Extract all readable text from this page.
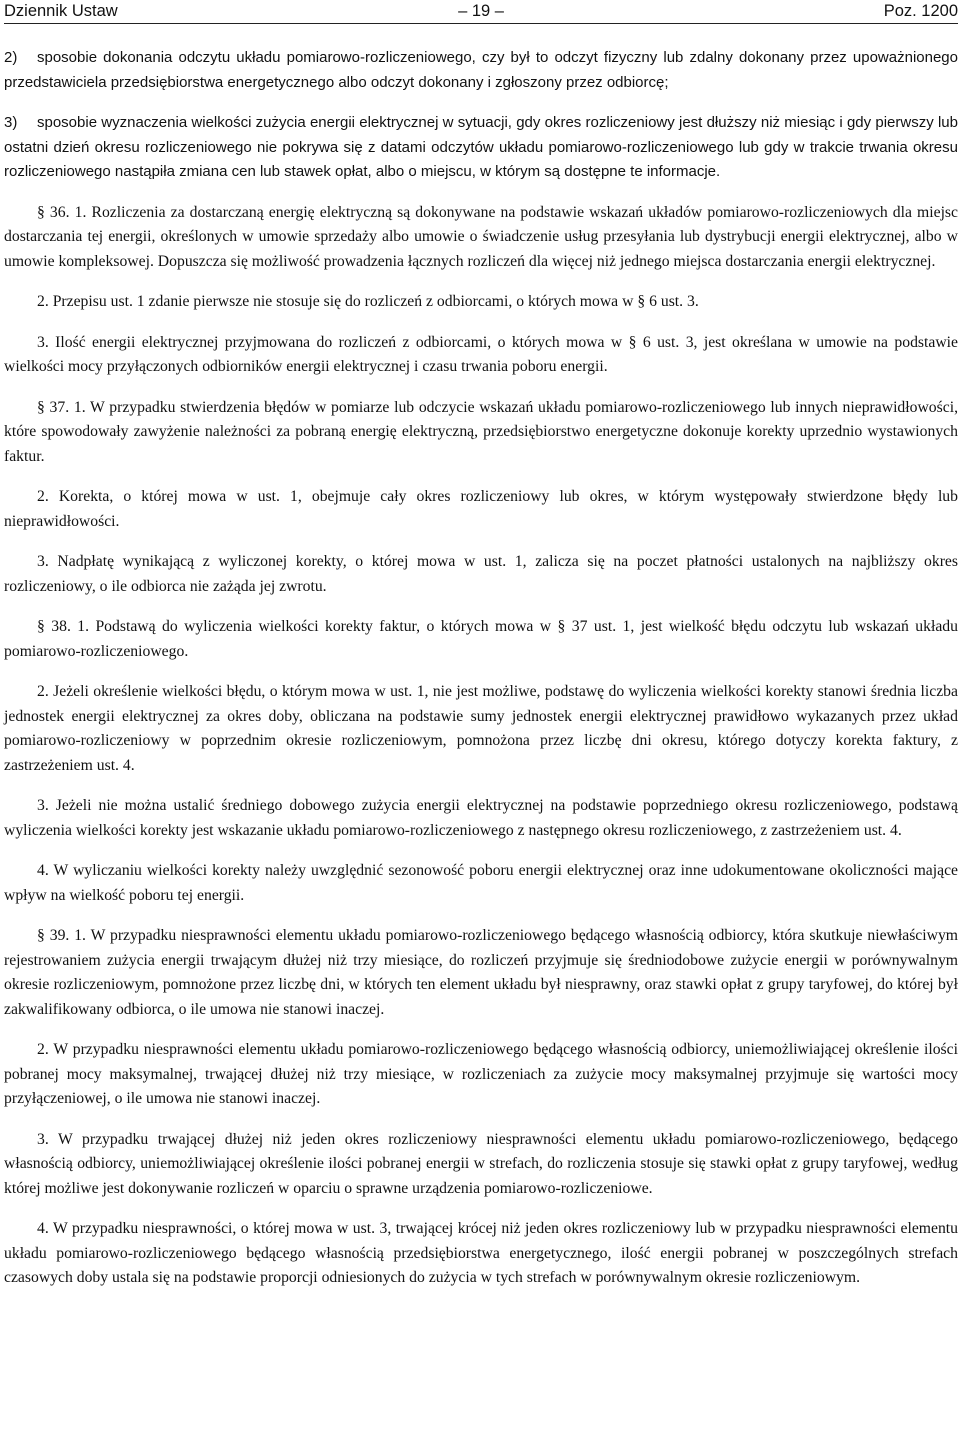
Dziennik Ustaw	– 19 –	Poz. 1200

2) sposobie dokonania odczytu układu pomiarowo-rozliczeniowego, czy był to odczyt fizyczny lub zdalny dokonany przez upoważnionego przedstawiciela przedsiębiorstwa energetycznego albo odczyt dokonany i zgłoszony przez odbiorcę;

3) sposobie wyznaczenia wielkości zużycia energii elektrycznej w sytuacji, gdy okres rozliczeniowy jest dłuższy niż miesiąc i gdy pierwszy lub ostatni dzień okresu rozliczeniowego nie pokrywa się z datami odczytów układu pomiarowo-rozliczeniowego lub gdy w trakcie trwania okresu rozliczeniowego nastąpiła zmiana cen lub stawek opłat, albo o miejscu, w którym są dostępne te informacje.

§ 36. 1. Rozliczenia za dostarczaną energię elektryczną są dokonywane na podstawie wskazań układów pomiarowo-rozliczeniowych dla miejsc dostarczania tej energii, określonych w umowie sprzedaży albo umowie o świadczenie usług przesyłania lub dystrybucji energii elektrycznej, albo w umowie kompleksowej. Dopuszcza się możliwość prowadzenia łącznych rozliczeń dla więcej niż jednego miejsca dostarczania energii elektrycznej.

2. Przepisu ust. 1 zdanie pierwsze nie stosuje się do rozliczeń z odbiorcami, o których mowa w § 6 ust. 3.

3. Ilość energii elektrycznej przyjmowana do rozliczeń z odbiorcami, o których mowa w § 6 ust. 3, jest określana w umowie na podstawie wielkości mocy przyłączonych odbiorników energii elektrycznej i czasu trwania poboru energii.

§ 37. 1. W przypadku stwierdzenia błędów w pomiarze lub odczycie wskazań układu pomiarowo-rozliczeniowego lub innych nieprawidłowości, które spowodowały zawyżenie należności za pobraną energię elektryczną, przedsiębiorstwo energetyczne dokonuje korekty uprzednio wystawionych faktur.

2. Korekta, o której mowa w ust. 1, obejmuje cały okres rozliczeniowy lub okres, w którym występowały stwierdzone błędy lub nieprawidłowości.

3. Nadpłatę wynikającą z wyliczonej korekty, o której mowa w ust. 1, zalicza się na poczet płatności ustalonych na najbliższy okres rozliczeniowy, o ile odbiorca nie zażąda jej zwrotu.

§ 38. 1. Podstawą do wyliczenia wielkości korekty faktur, o których mowa w § 37 ust. 1, jest wielkość błędu odczytu lub wskazań układu pomiarowo-rozliczeniowego.

2. Jeżeli określenie wielkości błędu, o którym mowa w ust. 1, nie jest możliwe, podstawę do wyliczenia wielkości korekty stanowi średnia liczba jednostek energii elektrycznej za okres doby, obliczana na podstawie sumy jednostek energii elektrycznej prawidłowo wykazanych przez układ pomiarowo-rozliczeniowy w poprzednim okresie rozliczeniowym, pomnożona przez liczbę dni okresu, którego dotyczy korekta faktury, z zastrzeżeniem ust. 4.

3. Jeżeli nie można ustalić średniego dobowego zużycia energii elektrycznej na podstawie poprzedniego okresu rozliczeniowego, podstawą wyliczenia wielkości korekty jest wskazanie układu pomiarowo-rozliczeniowego z następnego okresu rozliczeniowego, z zastrzeżeniem ust. 4.

4. W wyliczaniu wielkości korekty należy uwzględnić sezonowość poboru energii elektrycznej oraz inne udokumentowane okoliczności mające wpływ na wielkość poboru tej energii.

§ 39. 1. W przypadku niesprawności elementu układu pomiarowo-rozliczeniowego będącego własnością odbiorcy, która skutkuje niewłaściwym rejestrowaniem zużycia energii trwającym dłużej niż trzy miesiące, do rozliczeń przyjmuje się średniodobowe zużycie energii w porównywalnym okresie rozliczeniowym, pomnożone przez liczbę dni, w których ten element układu był niesprawny, oraz stawki opłat z grupy taryfowej, do której był zakwalifikowany odbiorca, o ile umowa nie stanowi inaczej.

2. W przypadku niesprawności elementu układu pomiarowo-rozliczeniowego będącego własnością odbiorcy, uniemożliwiającej określenie ilości pobranej mocy maksymalnej, trwającej dłużej niż trzy miesiące, w rozliczeniach za zużycie mocy maksymalnej przyjmuje się wartości mocy przyłączeniowej, o ile umowa nie stanowi inaczej.

3. W przypadku trwającej dłużej niż jeden okres rozliczeniowy niesprawności elementu układu pomiarowo-rozliczeniowego, będącego własnością odbiorcy, uniemożliwiającej określenie ilości pobranej energii w strefach, do rozliczenia stosuje się stawki opłat z grupy taryfowej, według której możliwe jest dokonywanie rozliczeń w oparciu o sprawne urządzenia pomiarowo-rozliczeniowe.

4. W przypadku niesprawności, o której mowa w ust. 3, trwającej krócej niż jeden okres rozliczeniowy lub w przypadku niesprawności elementu układu pomiarowo-rozliczeniowego będącego własnością przedsiębiorstwa energetycznego, ilość energii pobranej w poszczególnych strefach czasowych doby ustala się na podstawie proporcji odniesionych do zużycia w tych strefach w porównywalnym okresie rozliczeniowym.
